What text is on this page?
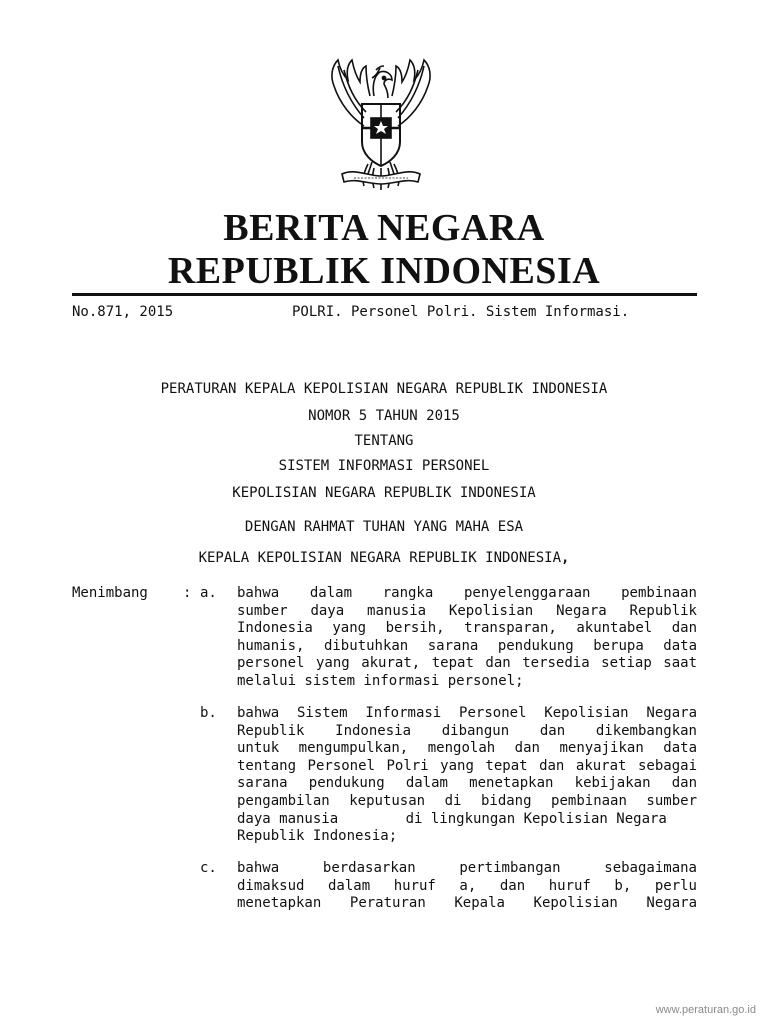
BERITA NEGARA
REPUBLIK INDONESIA
No.871, 2015	POLRI. Personel Polri. Sistem Informasi.
PERATURAN KEPALA KEPOLISIAN NEGARA REPUBLIK INDONESIA
NOMOR 5 TAHUN 2015
TENTANG
SISTEM INFORMASI PERSONEL
KEPOLISIAN NEGARA REPUBLIK INDONESIA
DENGAN RAHMAT TUHAN YANG MAHA ESA
KEPALA KEPOLISIAN NEGARA REPUBLIK INDONESIA,
Menimbang	: a. bahwa dalam rangka penyelenggaraan pembinaan
sumber daya manusia Kepolisian Negara Republik
Indonesia yang bersih, transparan, akuntabel dan
humanis, dibutuhkan sarana pendukung berupa data
personel yang akurat, tepat dan tersedia setiap saat
melalui sistem informasi personel;
b. bahwa Sistem Informasi Personel Kepolisian Negara
Republik Indonesia dibangun dan dikembangkan
untuk mengumpulkan, mengolah dan menyajikan data
tentang Personel Polri yang tepat dan akurat sebagai
sarana pendukung dalam menetapkan kebijakan dan
pengambilan keputusan di bidang pembinaan sumber
daya manusia        di lingkungan Kepolisian Negara
Republik Indonesia;
c. bahwa berdasarkan pertimbangan sebagaimana
dimaksud dalam huruf a, dan huruf b, perlu
menetapkan Peraturan Kepala Kepolisian Negara
www.peraturan.go.id
